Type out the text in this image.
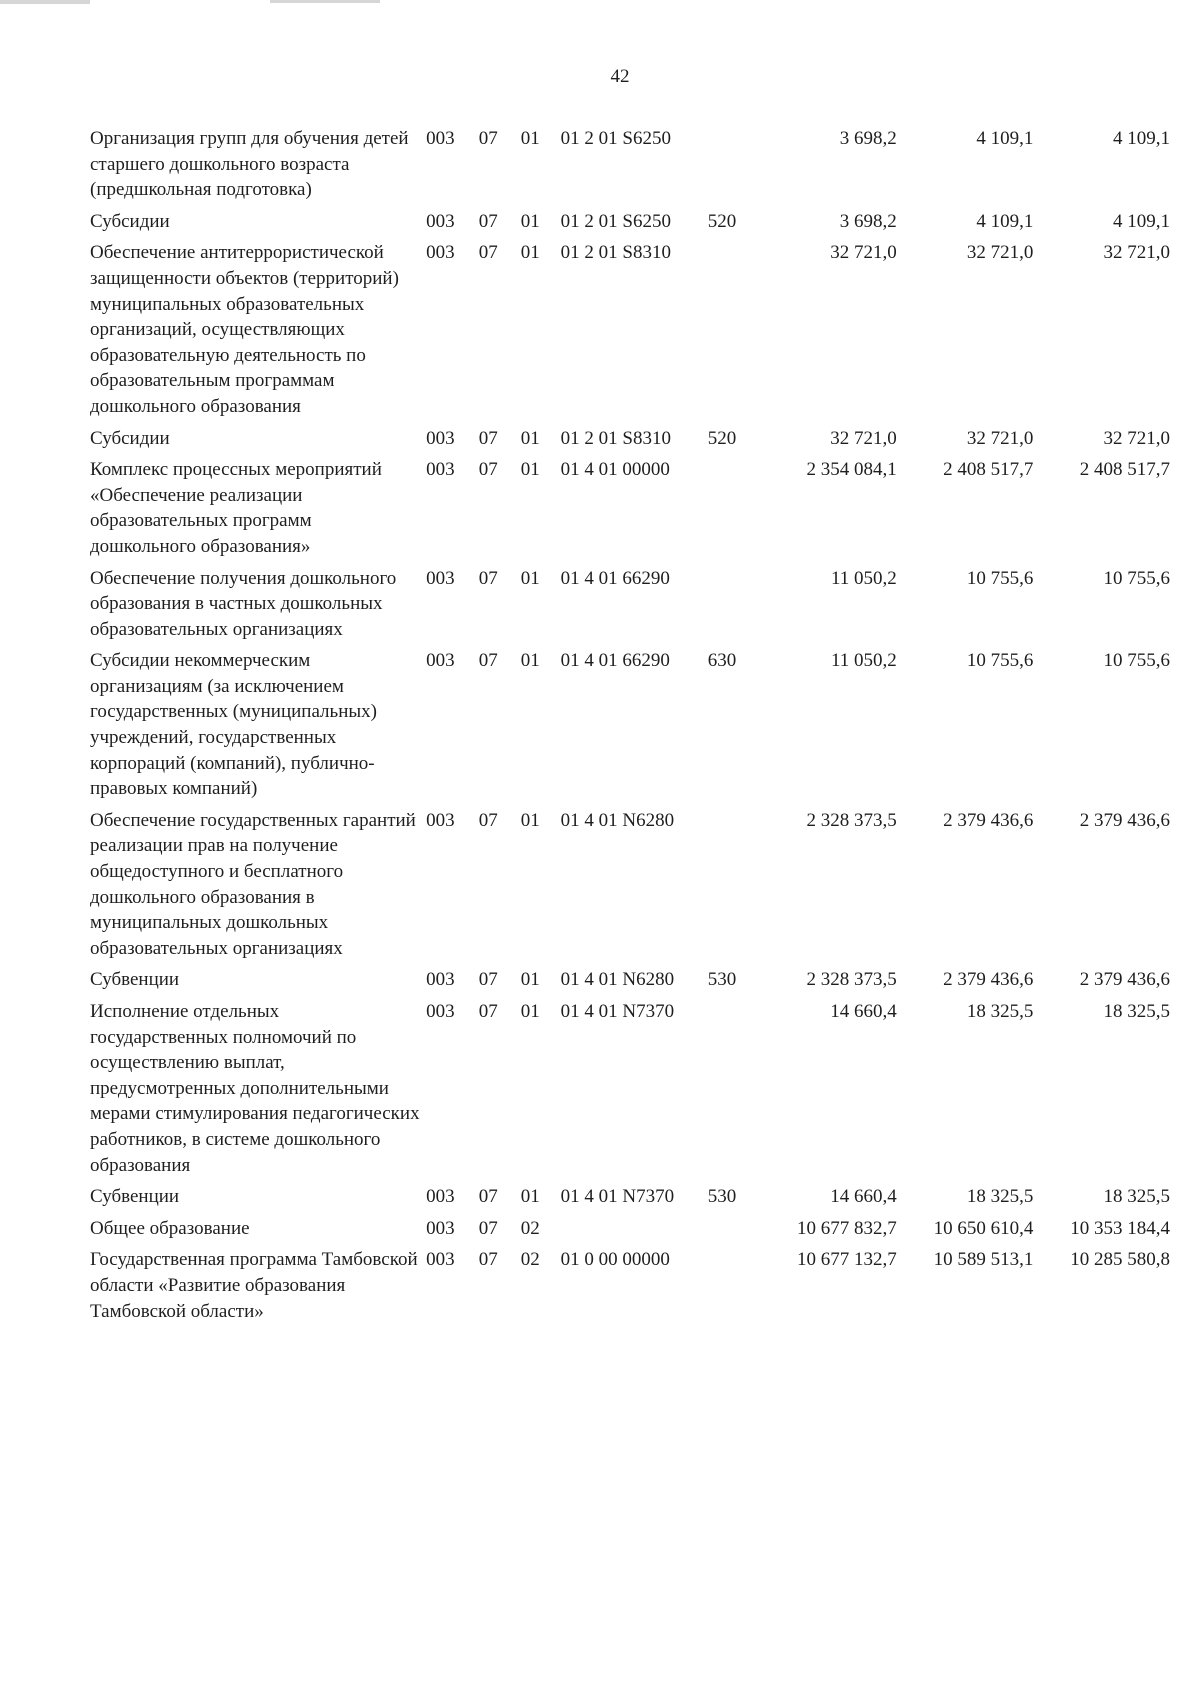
42
Организация групп для обучения детей старшего дошкольного возраста (предшкольная подготовка)	003	07	01	01 2 01 S6250		3 698,2	4 109,1	4 109,1
Субсидии	003	07	01	01 2 01 S6250	520	3 698,2	4 109,1	4 109,1
Обеспечение антитеррористической защищенности объектов (территорий) муниципальных образовательных организаций, осуществляющих образовательную деятельность по образовательным программам дошкольного образования	003	07	01	01 2 01 S8310		32 721,0	32 721,0	32 721,0
Субсидии	003	07	01	01 2 01 S8310	520	32 721,0	32 721,0	32 721,0
Комплекс процессных мероприятий «Обеспечение реализации образовательных программ дошкольного образования»	003	07	01	01 4 01 00000		2 354 084,1	2 408 517,7	2 408 517,7
Обеспечение получения дошкольного образования в частных дошкольных образовательных организациях	003	07	01	01 4 01 66290		11 050,2	10 755,6	10 755,6
Субсидии некоммерческим организациям (за исключением государственных (муниципальных) учреждений, государственных корпораций (компаний), публично-правовых компаний)	003	07	01	01 4 01 66290	630	11 050,2	10 755,6	10 755,6
Обеспечение государственных гарантий реализации прав на получение общедоступного и бесплатного дошкольного образования в муниципальных дошкольных образовательных организациях	003	07	01	01 4 01 N6280		2 328 373,5	2 379 436,6	2 379 436,6
Субвенции	003	07	01	01 4 01 N6280	530	2 328 373,5	2 379 436,6	2 379 436,6
Исполнение отдельных государственных полномочий по осуществлению выплат, предусмотренных дополнительными мерами стимулирования педагогических работников, в системе дошкольного образования	003	07	01	01 4 01 N7370		14 660,4	18 325,5	18 325,5
Субвенции	003	07	01	01 4 01 N7370	530	14 660,4	18 325,5	18 325,5
Общее образование	003	07	02			10 677 832,7	10 650 610,4	10 353 184,4
Государственная программа Тамбовской области «Развитие образования Тамбовской области»	003	07	02	01 0 00 00000		10 677 132,7	10 589 513,1	10 285 580,8
